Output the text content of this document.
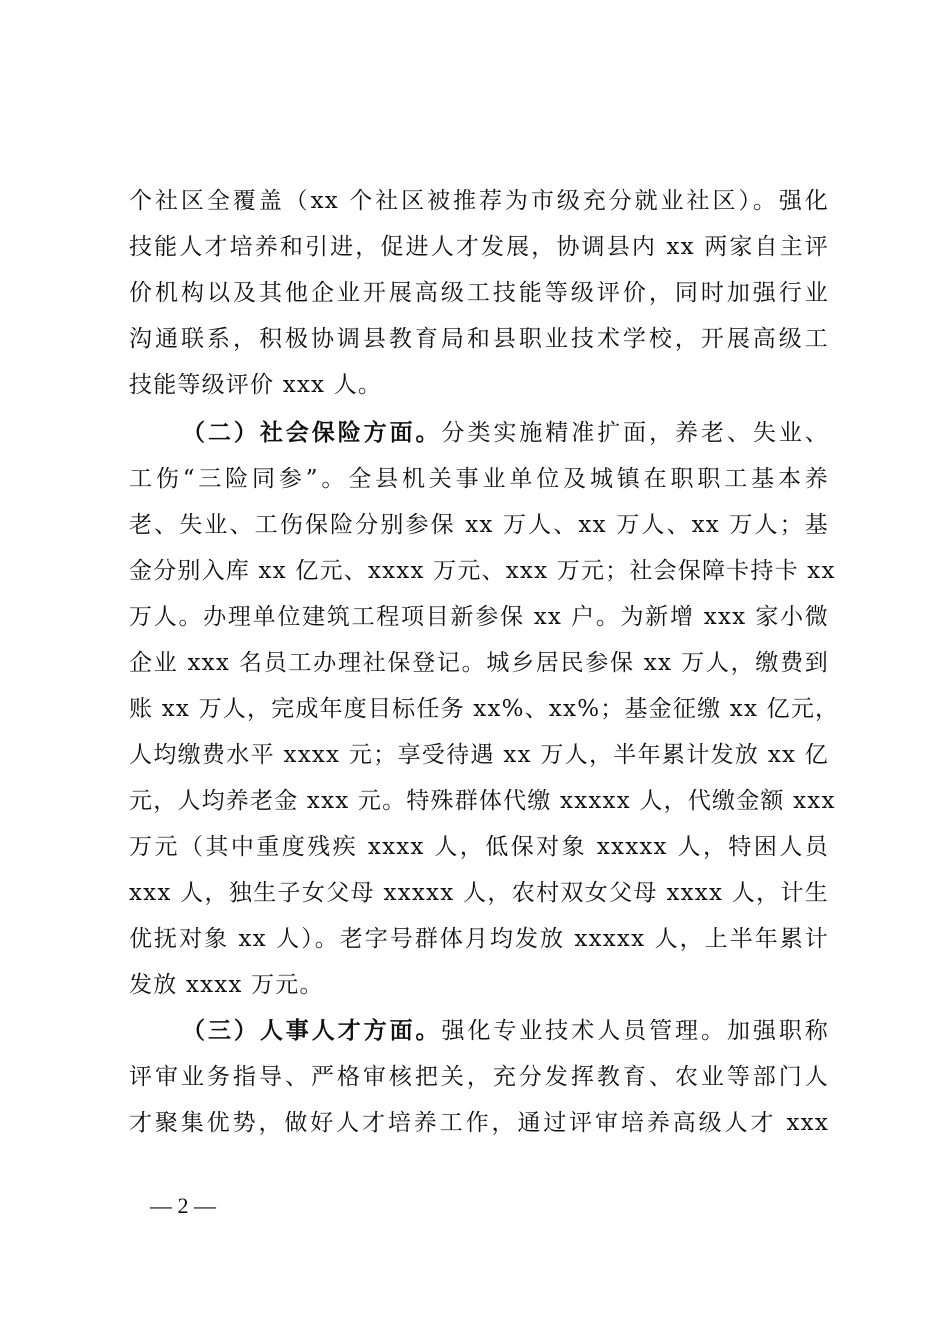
个社区全覆盖（xx 个社区被推荐为市级充分就业社区）。强化
技能人才培养和引进，促进人才发展，协调县内 xx 两家自主评
价机构以及其他企业开展高级工技能等级评价，同时加强行业
沟通联系，积极协调县教育局和县职业技术学校，开展高级工
技能等级评价 xxx 人。
（二）社会保险方面。分类实施精准扩面，养老、失业、
工伤“三险同参”。全县机关事业单位及城镇在职职工基本养
老、失业、工伤保险分别参保 xx 万人、xx 万人、xx 万人；基
金分别入库 xx 亿元、xxxx 万元、xxx 万元；社会保障卡持卡 xx
万人。办理单位建筑工程项目新参保 xx 户。为新增 xxx 家小微
企业 xxx 名员工办理社保登记。城乡居民参保 xx 万人，缴费到
账 xx 万人，完成年度目标任务 xx%、xx%；基金征缴 xx 亿元，
人均缴费水平 xxxx 元；享受待遇 xx 万人，半年累计发放 xx 亿
元，人均养老金 xxx 元。特殊群体代缴 xxxxx 人，代缴金额 xxx
万元（其中重度残疾 xxxx 人，低保对象 xxxxx 人，特困人员
xxx 人，独生子女父母 xxxxx 人，农村双女父母 xxxx 人，计生
优抚对象 xx 人）。老字号群体月均发放 xxxxx 人，上半年累计
发放 xxxx 万元。
（三）人事人才方面。强化专业技术人员管理。加强职称
评审业务指导、严格审核把关，充分发挥教育、农业等部门人
才聚集优势，做好人才培养工作，通过评审培养高级人才 xxx
— 2 —
